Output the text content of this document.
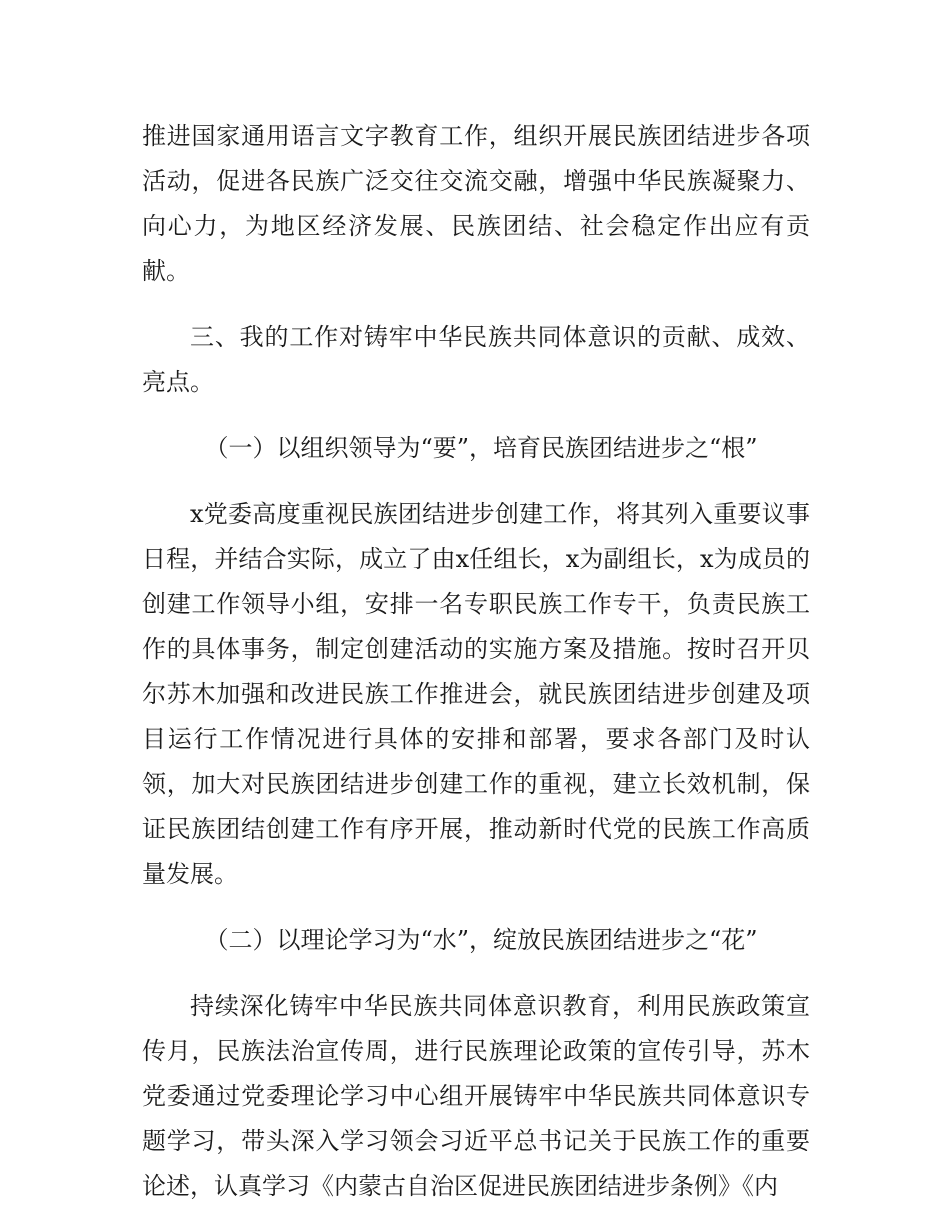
推进国家通用语言文字教育工作，组织开展民族团结进步各项活动，促进各民族广泛交往交流交融，增强中华民族凝聚力、向心力，为地区经济发展、民族团结、社会稳定作出应有贡献。

三、我的工作对铸牢中华民族共同体意识的贡献、成效、亮点。

（一）以组织领导为“要”，培育民族团结进步之“根”

x党委高度重视民族团结进步创建工作，将其列入重要议事日程，并结合实际，成立了由x任组长，x为副组长，x为成员的创建工作领导小组，安排一名专职民族工作专干，负责民族工作的具体事务，制定创建活动的实施方案及措施。按时召开贝尔苏木加强和改进民族工作推进会，就民族团结进步创建及项目运行工作情况进行具体的安排和部署，要求各部门及时认领，加大对民族团结进步创建工作的重视，建立长效机制，保证民族团结创建工作有序开展，推动新时代党的民族工作高质量发展。

（二）以理论学习为“水”，绽放民族团结进步之“花”

持续深化铸牢中华民族共同体意识教育，利用民族政策宣传月，民族法治宣传周，进行民族理论政策的宣传引导，苏木党委通过党委理论学习中心组开展铸牢中华民族共同体意识专题学习，带头深入学习领会习近平总书记关于民族工作的重要论述，认真学习《内蒙古自治区促进民族团结进步条例》《内
